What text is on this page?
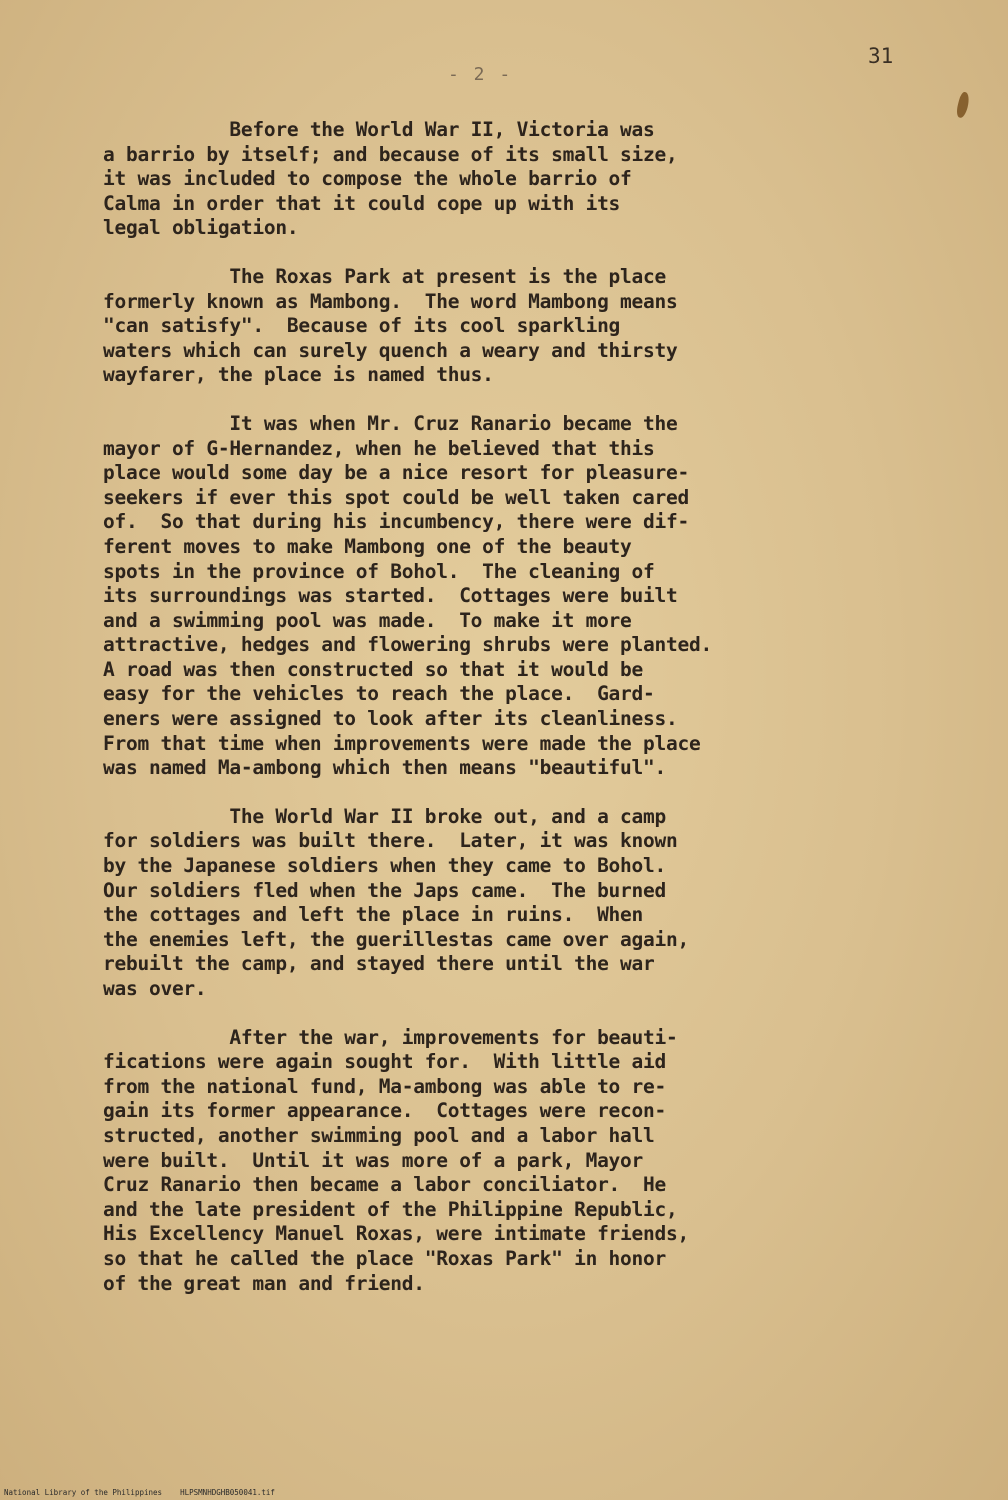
31
- 2 -
Before the World War II, Victoria was
a barrio by itself; and because of its small size,
it was included to compose the whole barrio of
Calma in order that it could cope up with its
legal obligation.
The Roxas Park at present is the place
formerly known as Mambong.  The word Mambong means
"can satisfy".  Because of its cool sparkling
waters which can surely quench a weary and thirsty
wayfarer, the place is named thus.
It was when Mr. Cruz Ranario became the
mayor of G-Hernandez, when he believed that this
place would some day be a nice resort for pleasure-
seekers if ever this spot could be well taken cared
of.  So that during his incumbency, there were dif-
ferent moves to make Mambong one of the beauty
spots in the province of Bohol.  The cleaning of
its surroundings was started.  Cottages were built
and a swimming pool was made.  To make it more
attractive, hedges and flowering shrubs were planted.
A road was then constructed so that it would be
easy for the vehicles to reach the place.  Gard-
eners were assigned to look after its cleanliness.
From that time when improvements were made the place
was named Ma-ambong which then means "beautiful".
The World War II broke out, and a camp
for soldiers was built there.  Later, it was known
by the Japanese soldiers when they came to Bohol.
Our soldiers fled when the Japs came.  The burned
the cottages and left the place in ruins.  When
the enemies left, the guerillestas came over again,
rebuilt the camp, and stayed there until the war
was over.
After the war, improvements for beauti-
fications were again sought for.  With little aid
from the national fund, Ma-ambong was able to re-
gain its former appearance.  Cottages were recon-
structed, another swimming pool and a labor hall
were built.  Until it was more of a park, Mayor
Cruz Ranario then became a labor conciliator.  He
and the late president of the Philippine Republic,
His Excellency Manuel Roxas, were intimate friends,
so that he called the place "Roxas Park" in honor
of the great man and friend.
National Library of the Philippines    HLPSMNHDGHB050041.tif
